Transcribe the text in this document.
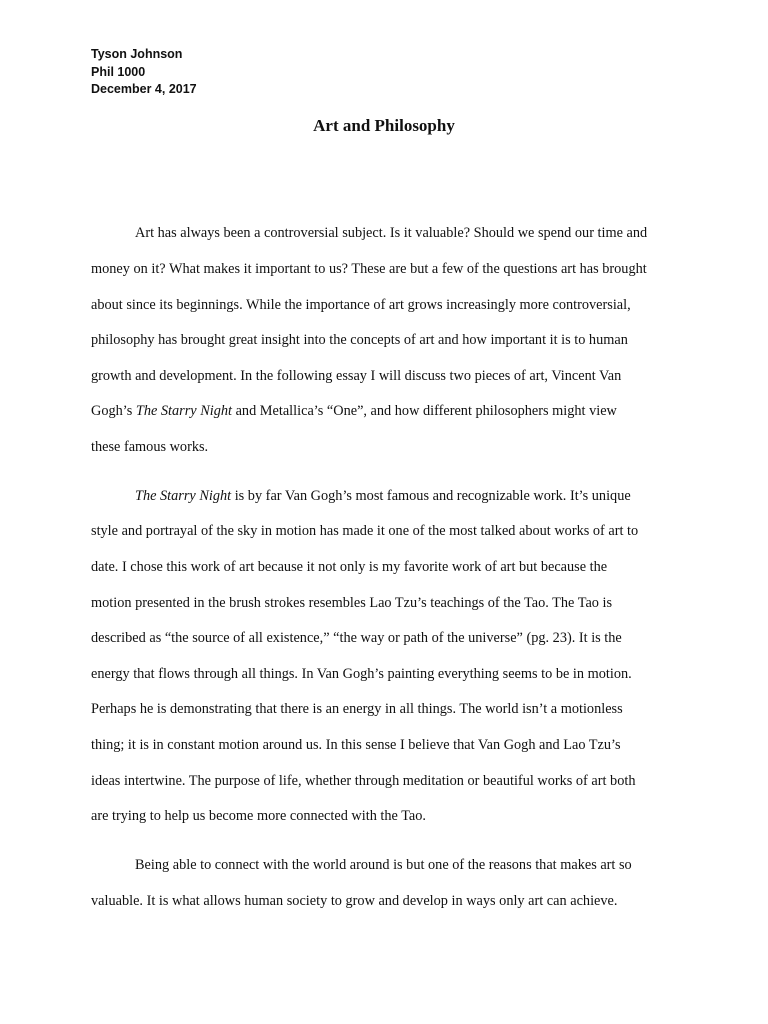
Tyson Johnson
Phil 1000
December 4, 2017
Art and Philosophy
Art has always been a controversial subject. Is it valuable? Should we spend our time and
money on it? What makes it important to us? These are but a few of the questions art has brought
about since its beginnings. While the importance of art grows increasingly more controversial,
philosophy has brought great insight into the concepts of art and how important it is to human
growth and development. In the following essay I will discuss two pieces of art, Vincent Van
Gogh’s The Starry Night and Metallica’s “One”, and how different philosophers might view
these famous works.
The Starry Night is by far Van Gogh’s most famous and recognizable work. It’s unique
style and portrayal of the sky in motion has made it one of the most talked about works of art to
date. I chose this work of art because it not only is my favorite work of art but because the
motion presented in the brush strokes resembles Lao Tzu’s teachings of the Tao. The Tao is
described as “the source of all existence,” “the way or path of the universe” (pg. 23). It is the
energy that flows through all things. In Van Gogh’s painting everything seems to be in motion.
Perhaps he is demonstrating that there is an energy in all things. The world isn’t a motionless
thing; it is in constant motion around us. In this sense I believe that Van Gogh and Lao Tzu’s
ideas intertwine. The purpose of life, whether through meditation or beautiful works of art both
are trying to help us become more connected with the Tao.
Being able to connect with the world around is but one of the reasons that makes art so
valuable. It is what allows human society to grow and develop in ways only art can achieve.
